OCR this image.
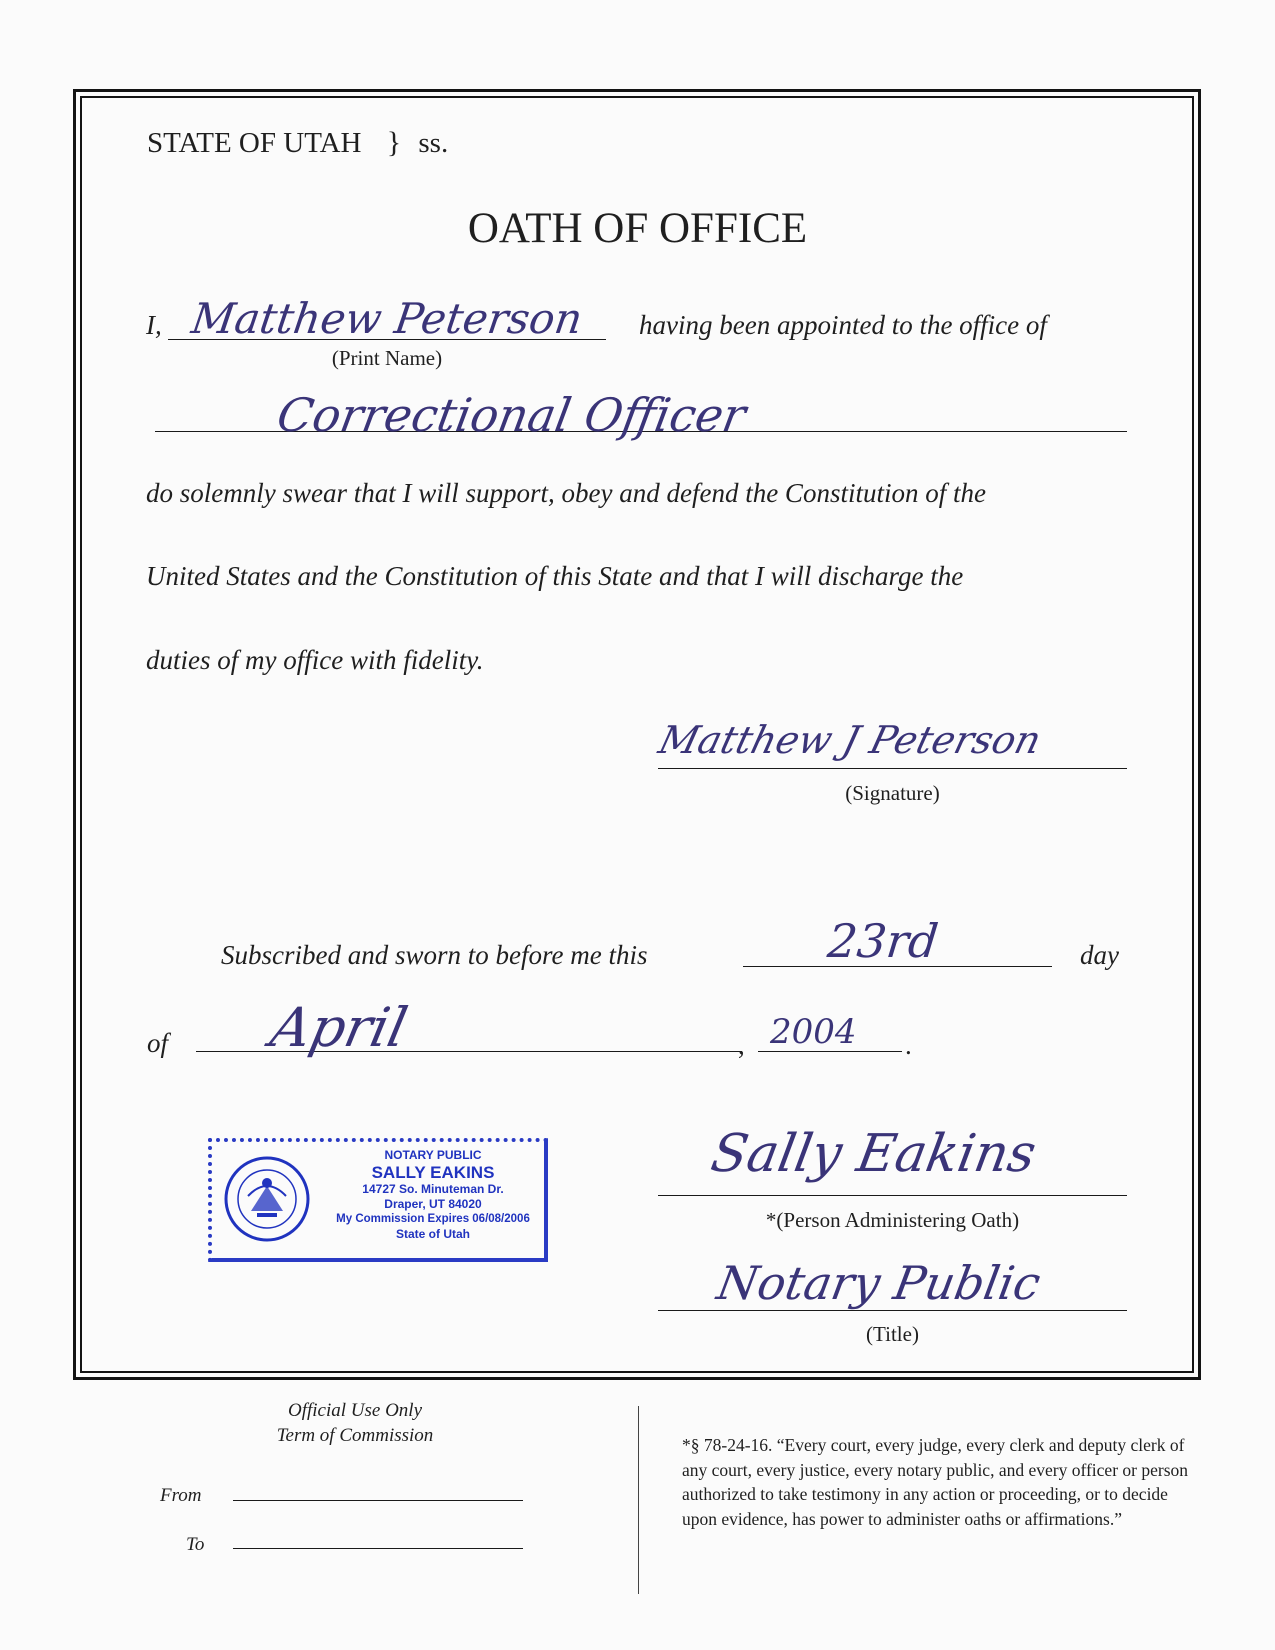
STATE OF UTAH } ss.
OATH OF OFFICE
I, Matthew Peterson
(Print Name)
having been appointed to the office of
Correctional Officer
do solemnly swear that I will support, obey and defend the Constitution of the
United States and the Constitution of this State and that I will discharge the
duties of my office with fidelity.
Matthew J Peterson
(Signature)
Subscribed and sworn to before me this	23rd	day
of April	, 2004 .
NOTARY PUBLIC
SALLY EAKINS
14727 So. Minuteman Dr.
Draper, UT 84020
My Commission Expires 06/08/2006
State of Utah
Sally Eakins
*(Person Administering Oath)
Notary Public
(Title)
Official Use Only
Term of Commission
From
To
*§ 78-24-16. “Every court, every judge, every clerk and deputy clerk of any court, every justice, every notary public, and every officer or person authorized to take testimony in any action or proceeding, or to decide upon evidence, has power to administer oaths or affirmations.”
